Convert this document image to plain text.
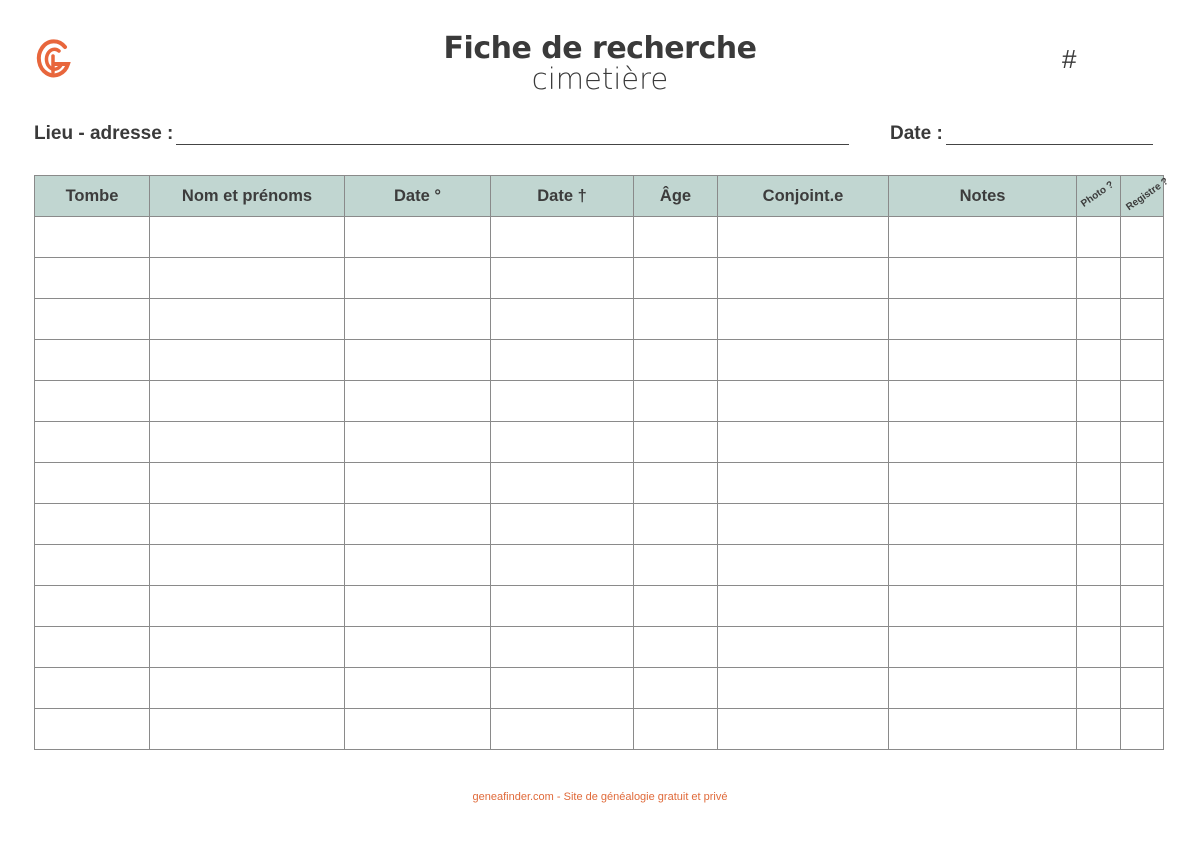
Fiche de recherche
cimetière
#
Lieu - adresse :	Date :
Tombe	Nom et prénoms	Date °	Date †	Âge	Conjoint.e	Notes	Photo ?	Registre ?

geneafinder.com - Site de généalogie gratuit et privé
